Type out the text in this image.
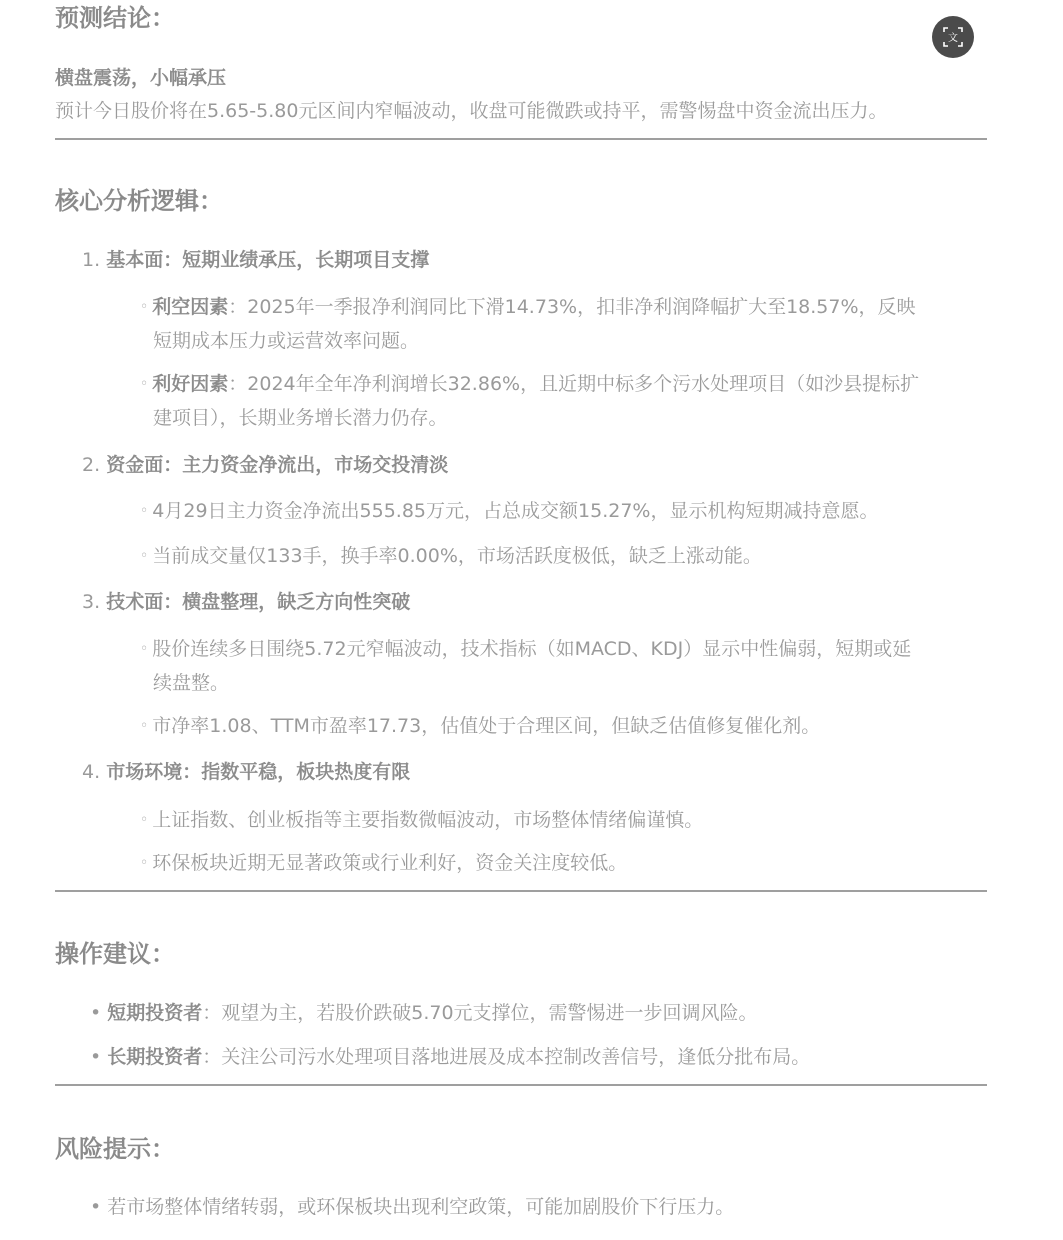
文
预测结论：
横盘震荡，小幅承压
预计今日股价将在5.65-5.80元区间内窄幅波动，收盘可能微跌或持平，需警惕盘中资金流出压力。
核心分析逻辑：
1. 基本面：短期业绩承压，长期项目支撑
◦ 利空因素：2025年一季报净利润同比下滑14.73%，扣非净利润降幅扩大至18.57%，反映
短期成本压力或运营效率问题。
◦ 利好因素：2024年全年净利润增长32.86%，且近期中标多个污水处理项目（如沙县提标扩
建项目），长期业务增长潜力仍存。
2. 资金面：主力资金净流出，市场交投清淡
◦ 4月29日主力资金净流出555.85万元，占总成交额15.27%，显示机构短期减持意愿。
◦ 当前成交量仅133手，换手率0.00%，市场活跃度极低，缺乏上涨动能。
3. 技术面：横盘整理，缺乏方向性突破
◦ 股价连续多日围绕5.72元窄幅波动，技术指标（如MACD、KDJ）显示中性偏弱，短期或延
续盘整。
◦ 市净率1.08、TTM市盈率17.73，估值处于合理区间，但缺乏估值修复催化剂。
4. 市场环境：指数平稳，板块热度有限
◦ 上证指数、创业板指等主要指数微幅波动，市场整体情绪偏谨慎。
◦ 环保板块近期无显著政策或行业利好，资金关注度较低。
操作建议：
• 短期投资者：观望为主，若股价跌破5.70元支撑位，需警惕进一步回调风险。
• 长期投资者：关注公司污水处理项目落地进展及成本控制改善信号，逢低分批布局。
风险提示：
• 若市场整体情绪转弱，或环保板块出现利空政策，可能加剧股价下行压力。
